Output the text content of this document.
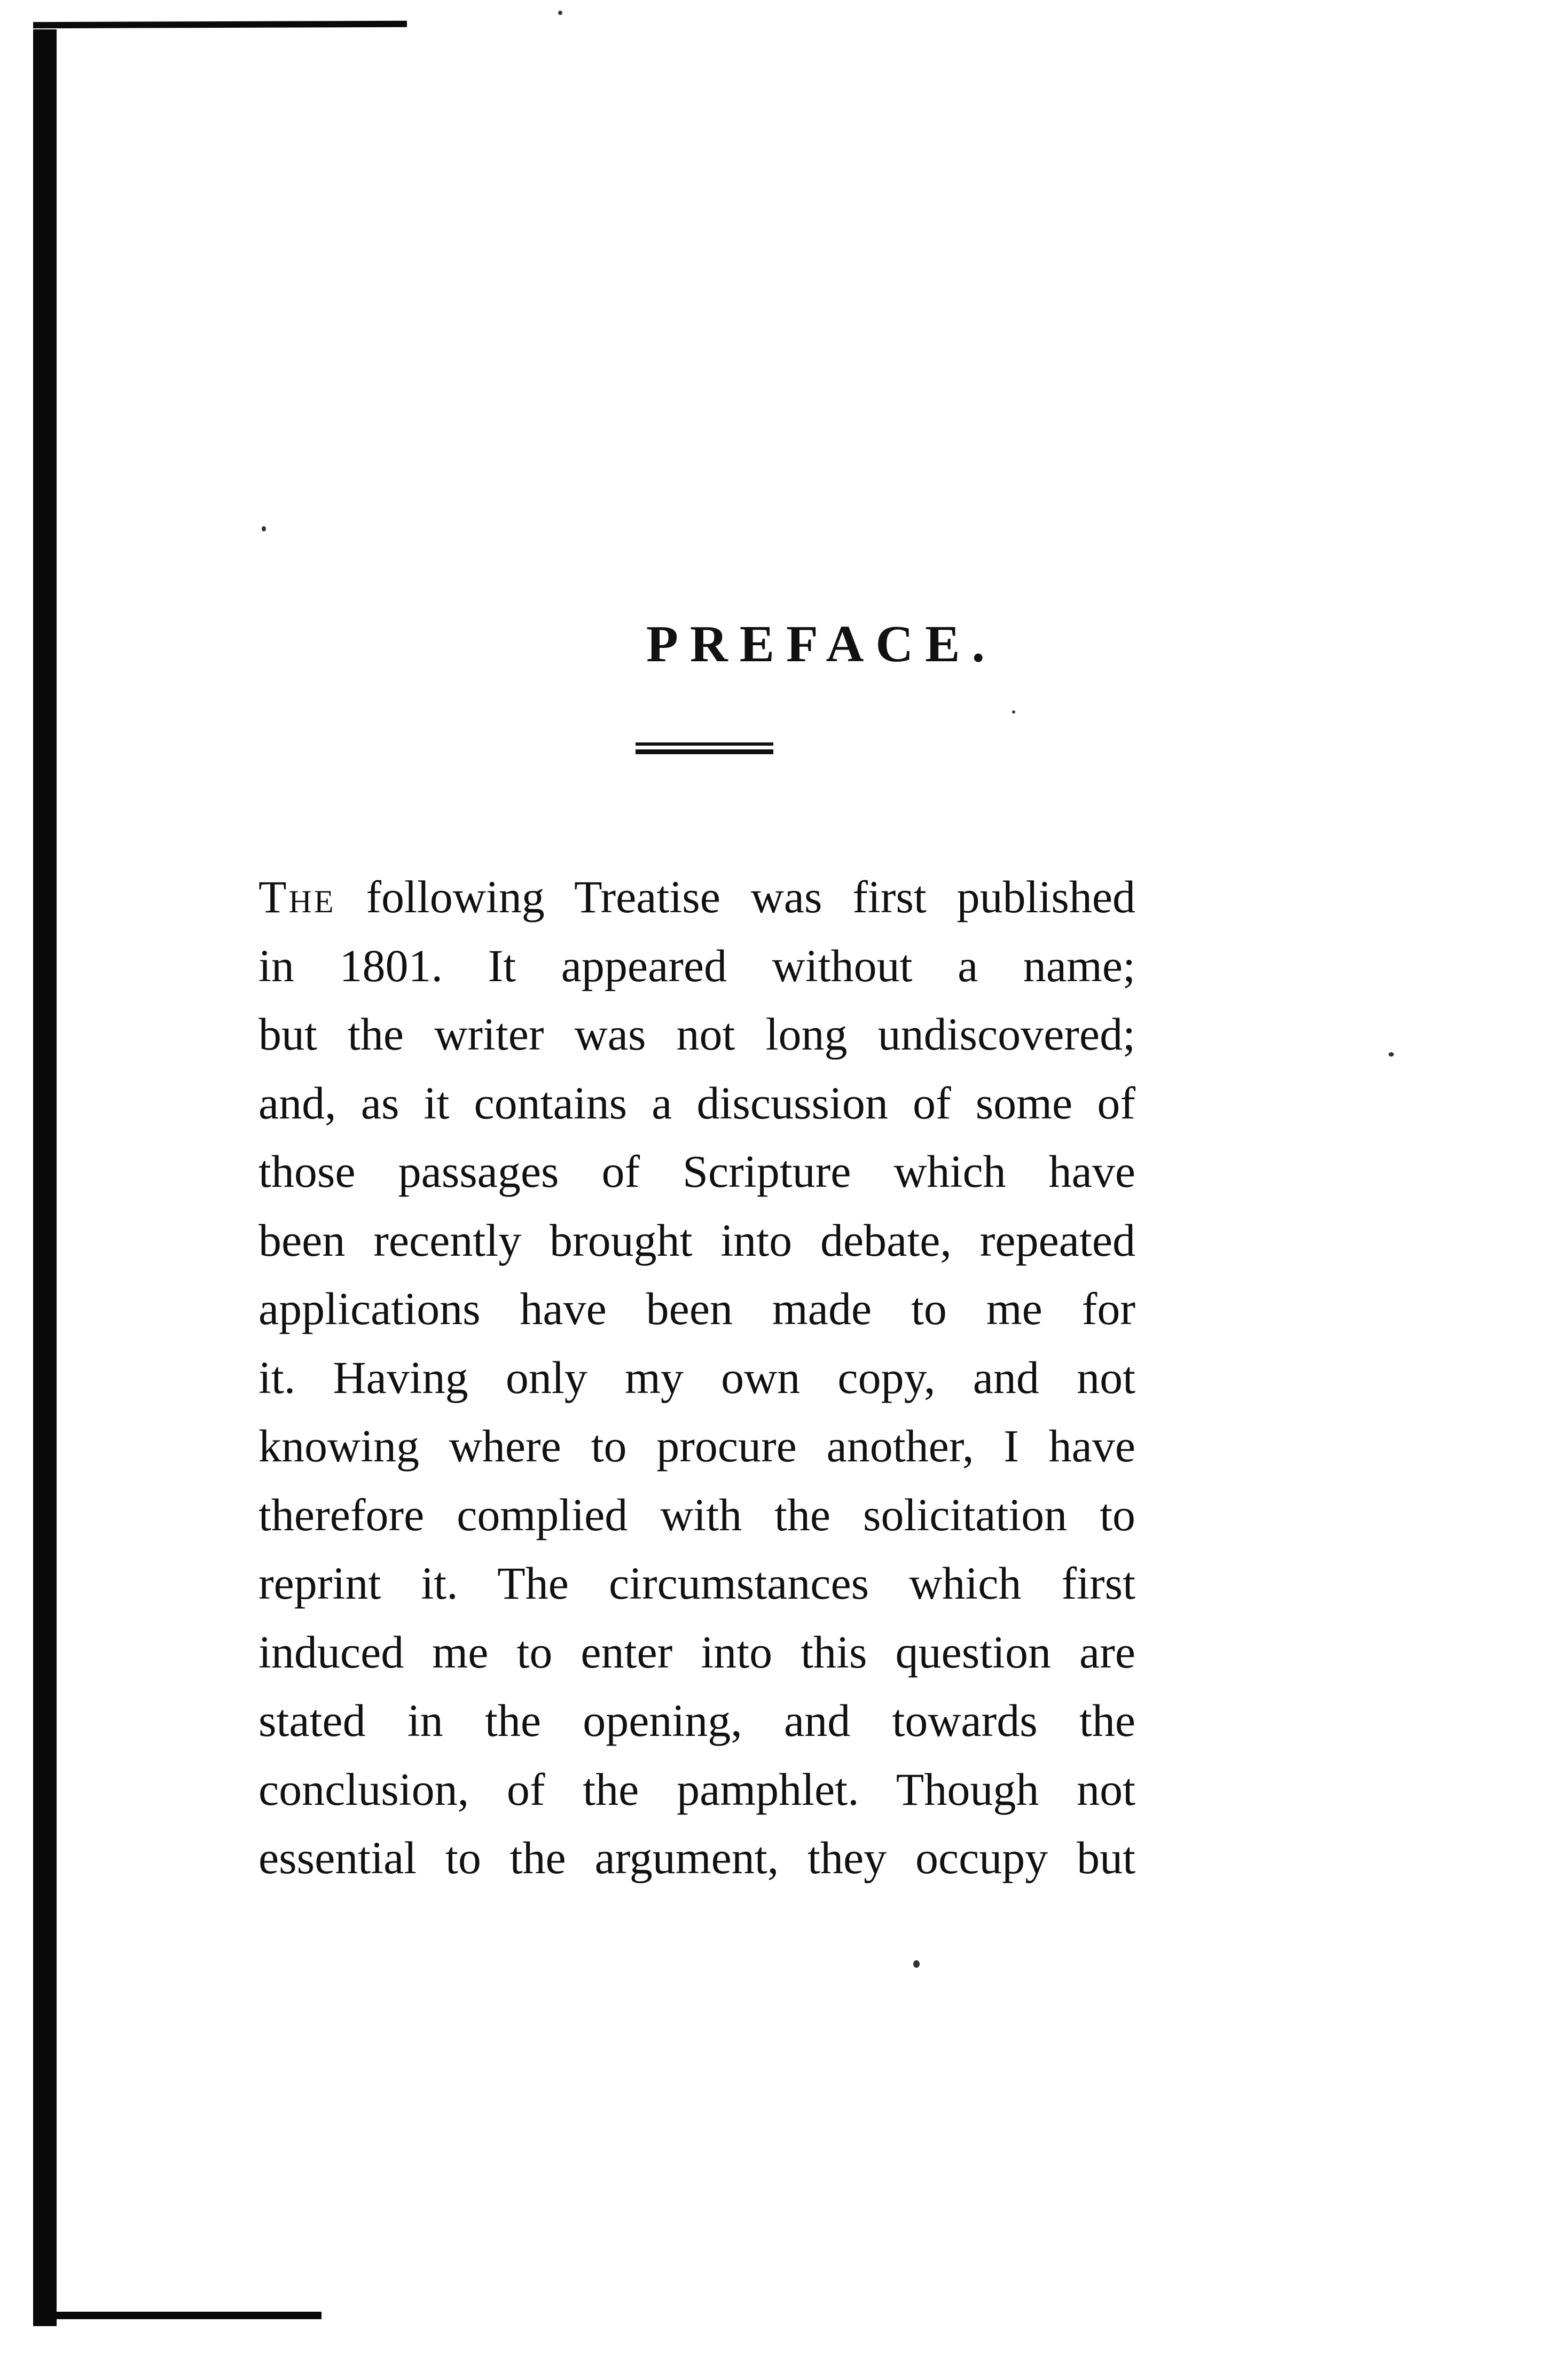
PREFACE.
The following Treatise was first published
in 1801. It appeared without a name;
but the writer was not long undiscovered;
and, as it contains a discussion of some of
those passages of Scripture which have
been recently brought into debate, repeated
applications have been made to me for
it. Having only my own copy, and not
knowing where to procure another, I have
therefore complied with the solicitation to
reprint it. The circumstances which first
induced me to enter into this question are
stated in the opening, and towards the
conclusion, of the pamphlet. Though not
essential to the argument, they occupy but
